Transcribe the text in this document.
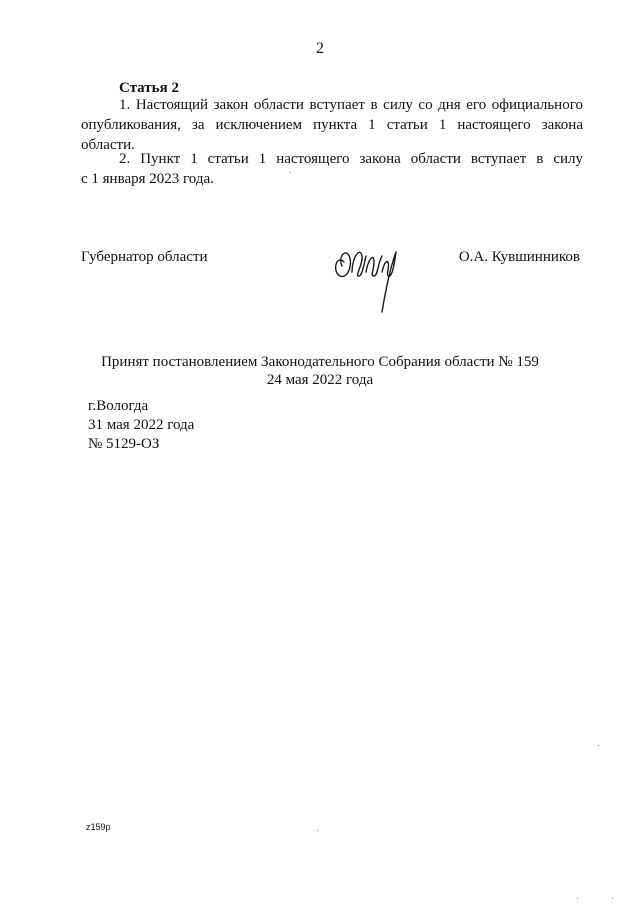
2
Статья 2
1. Настоящий закон области вступает в силу со дня его официального
опубликования, за исключением пункта 1 статьи 1 настоящего закона
области.
2. Пункт 1 статьи 1 настоящего закона области вступает в силу
с 1 января 2023 года.
Губернатор области	О.А. Кувшинников
Принят постановлением Законодательного Собрания области № 159
24 мая 2022 года
г.Вологда
31 мая 2022 года
№ 5129-ОЗ
z159p
